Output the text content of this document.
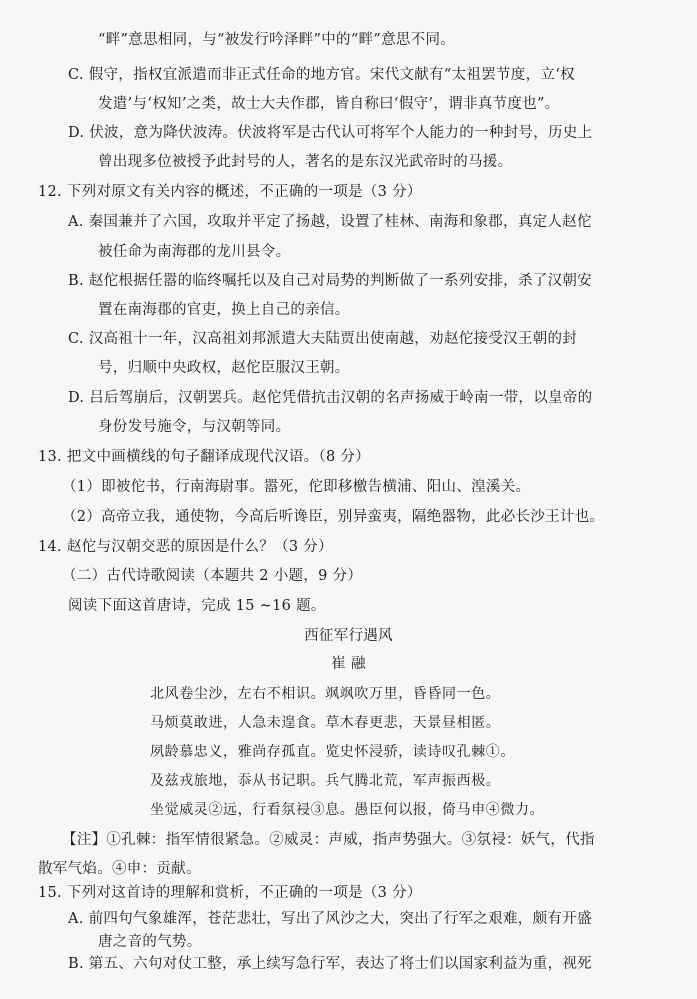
“畔”意思相同，与“被发行吟泽畔”中的“畔”意思不同。
C. 假守，指权宜派遣而非正式任命的地方官。宋代文献有“太祖罢节度，立‘权
发遣’与‘权知’之类，故士大夫作郡，皆自称曰‘假守’，谓非真节度也”。
D. 伏波，意为降伏波涛。伏波将军是古代认可将军个人能力的一种封号，历史上
曾出现多位被授予此封号的人，著名的是东汉光武帝时的马援。
12. 下列对原文有关内容的概述，不正确的一项是（3 分）
A. 秦国兼并了六国，攻取并平定了扬越，设置了桂林、南海和象郡，真定人赵佗
被任命为南海郡的龙川县令。
B. 赵佗根据任嚣的临终嘱托以及自己对局势的判断做了一系列安排，杀了汉朝安
置在南海郡的官吏，换上自己的亲信。
C. 汉高祖十一年，汉高祖刘邦派遣大夫陆贾出使南越，劝赵佗接受汉王朝的封
号，归顺中央政权，赵佗臣服汉王朝。
D. 吕后驾崩后，汉朝罢兵。赵佗凭借抗击汉朝的名声扬威于岭南一带，以皇帝的
身份发号施令，与汉朝等同。
13. 把文中画横线的句子翻译成现代汉语。（8 分）
（1）即被佗书，行南海尉事。嚣死，佗即移檄告横浦、阳山、湟溪关。
（2）高帝立我，通使物，今高后听谗臣，别异蛮夷，隔绝器物，此必长沙王计也。
14. 赵佗与汉朝交恶的原因是什么？（3 分）
（二）古代诗歌阅读（本题共 2 小题，9 分）
阅读下面这首唐诗，完成 15 ~16 题。
西征军行遇风
崔 融
北风卷尘沙，左右不相识。飒飒吹万里，昏昏同一色。
马烦莫敢进，人急未遑食。草木春更悲，天景昼相匿。
夙龄慕忠义，雅尚存孤直。览史怀浸骄，读诗叹孔棘①。
及兹戎旅地，忝从书记职。兵气腾北荒，军声振西极。
坐觉威灵②远，行看氛祲③息。愚臣何以报，倚马申④微力。
【注】①孔棘：指军情很紧急。②威灵：声威，指声势强大。③氛祲：妖气，代指
散军气焰。④申：贡献。
15. 下列对这首诗的理解和赏析，不正确的一项是（3 分）
A. 前四句气象雄浑，苍茫悲壮，写出了风沙之大，突出了行军之艰难，颇有开盛
唐之音的气势。
B. 第五、六句对仗工整，承上续写急行军，表达了将士们以国家利益为重，视死
